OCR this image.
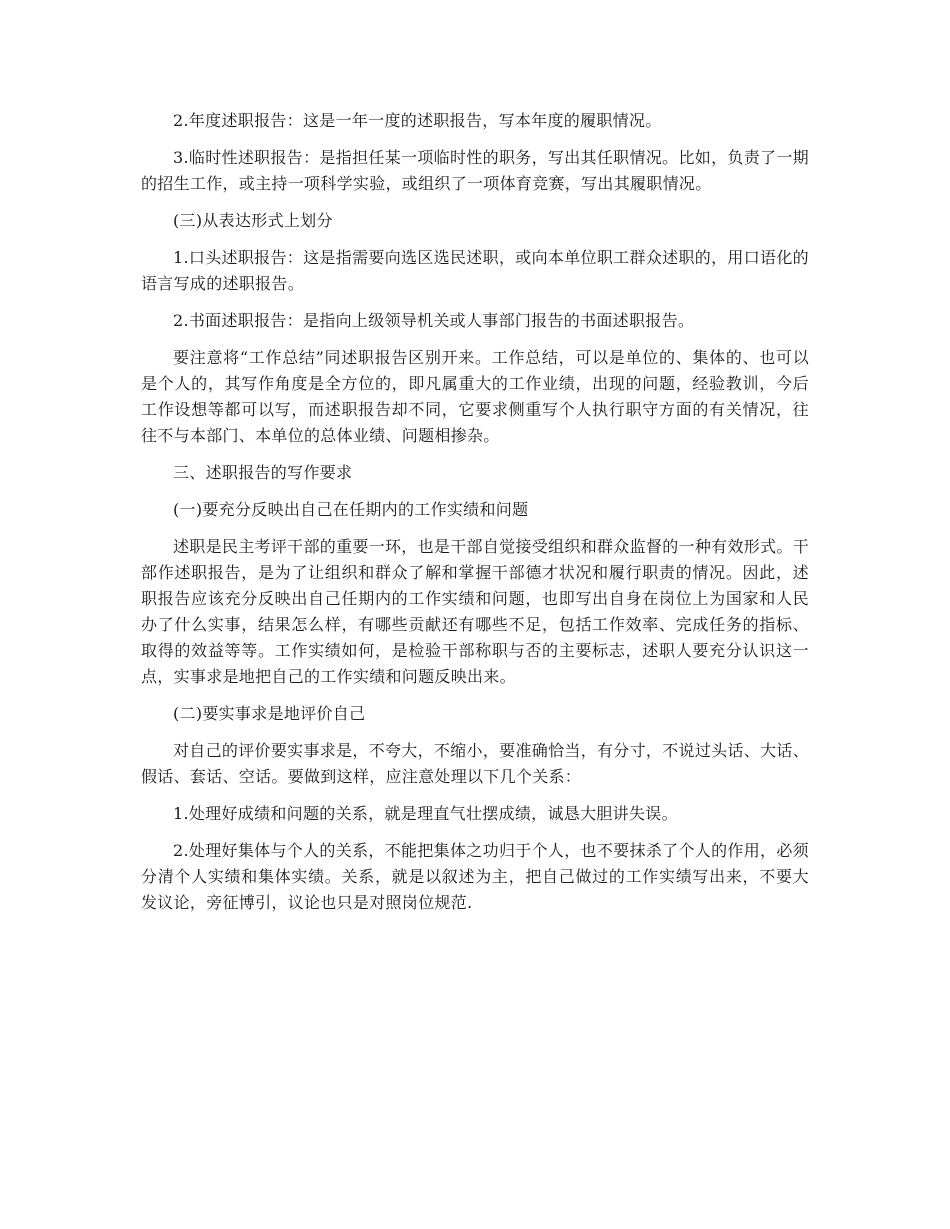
2.年度述职报告：这是一年一度的述职报告，写本年度的履职情况。

3.临时性述职报告：是指担任某一项临时性的职务，写出其任职情况。比如，负责了一期的招生工作，或主持一项科学实验，或组织了一项体育竞赛，写出其履职情况。

(三)从表达形式上划分

1.口头述职报告：这是指需要向选区选民述职，或向本单位职工群众述职的，用口语化的语言写成的述职报告。

2.书面述职报告：是指向上级领导机关或人事部门报告的书面述职报告。

要注意将“工作总结”同述职报告区别开来。工作总结，可以是单位的、集体的、也可以是个人的，其写作角度是全方位的，即凡属重大的工作业绩，出现的问题，经验教训，今后工作设想等都可以写，而述职报告却不同，它要求侧重写个人执行职守方面的有关情况，往往不与本部门、本单位的总体业绩、问题相掺杂。

三、述职报告的写作要求

(一)要充分反映出自己在任期内的工作实绩和问题

述职是民主考评干部的重要一环，也是干部自觉接受组织和群众监督的一种有效形式。干部作述职报告，是为了让组织和群众了解和掌握干部德才状况和履行职责的情况。因此，述职报告应该充分反映出自己任期内的工作实绩和问题，也即写出自身在岗位上为国家和人民办了什么实事，结果怎么样，有哪些贡献还有哪些不足，包括工作效率、完成任务的指标、取得的效益等等。工作实绩如何，是检验干部称职与否的主要标志，述职人要充分认识这一点，实事求是地把自己的工作实绩和问题反映出来。

(二)要实事求是地评价自己

对自己的评价要实事求是，不夸大，不缩小，要准确恰当，有分寸，不说过头话、大话、假话、套话、空话。要做到这样，应注意处理以下几个关系：

1.处理好成绩和问题的关系，就是理直气壮摆成绩，诚恳大胆讲失误。

2.处理好集体与个人的关系，不能把集体之功归于个人，也不要抹杀了个人的作用，必须分清个人实绩和集体实绩。关系，就是以叙述为主，把自己做过的工作实绩写出来，不要大发议论，旁征博引，议论也只是对照岗位规范.
